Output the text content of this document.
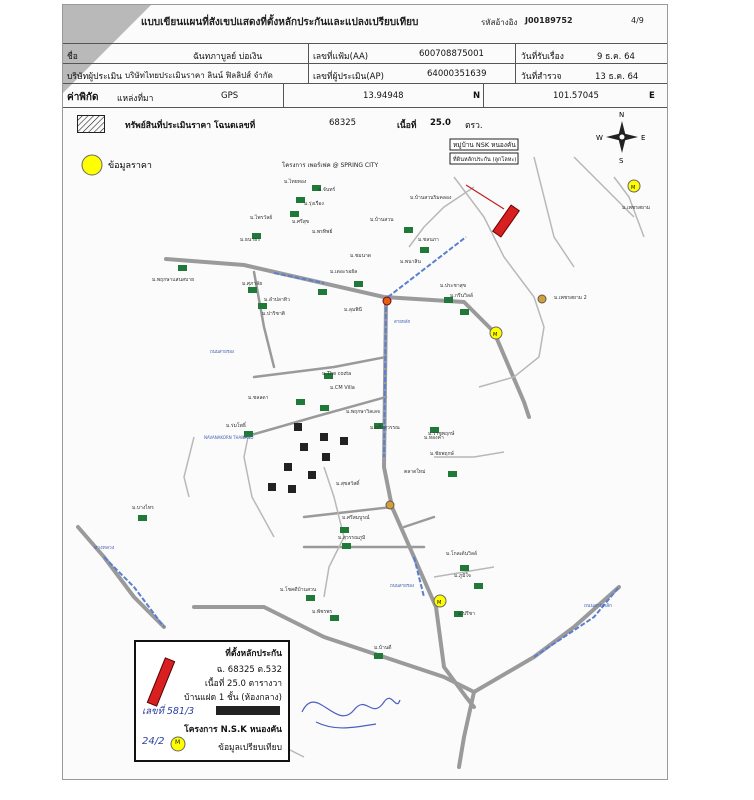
แบบเขียนแผนที่สังเขปแสดงที่ตั้งหลักประกันและแปลงเปรียบเทียบ	รหัสอ้างอิง J00189752	4/9
ชื่อ	ฉันทภาบูลย์ บ่อเงิน	เลขที่แฟ้ม(AA)	600708875001	วันที่รับเรื่อง	9 ธ.ค. 64
บริษัทผู้ประเมิน บริษัทไทยประเมินราคา ลินน์ ฟิลลิปส์ จำกัด	เลขที่ผู้ประเมิน(AP)	64000351639	วันที่สำรวจ	13 ธ.ค. 64
ค่าพิกัด แหล่งที่มา	GPS	13.94948	N	101.57045	E
ทรัพย์สินที่ประเมินราคา โฉนดเลขที่	68325	เนื้อที่ 25.0 ตรว.
หมู่บ้าน NSK หนองคัน
ที่ดินหลักประกัน (ลูกโลหะ)
N
S
E
W
ข้อมูลราคา	โครงการ เพอร์เฟค @ SPRING CITY
M
M
M
ม.ไทยทอง
ม.จันทร์
ม.รุ่งเรือง
ม.ไพรวัลย์
ม.พฤกษาแสนสบาย
ม.บ้านสวน
ม.ศรีสุข
ม.ชลนภา
ม.พนาสิน
ม.เดอะรอยัล
ม.ศุภาลัย
ม.ลำปลาทิว
ม.ปาริชาติ
ม.The cozta
ม.ลุมพินี
ม.CM Villa
ม.พฤกษาวิลเลจ
ม.ชลลดา
ม.แก้วสุวรรณ
ม.ราชพฤกษ์
ม.ร่มโพธิ์
ม.สุขสวัสดิ์
ม.ศรีสมบูรณ์
ม.สุวรรณภูมิ
ม.บางไทร
ม.กรีนวิลล์
ม.โกลเด้นวิลล์
ม.ภูมิใจ
ม.ปรีชา
ม.โชคดีบ้านสวน
ม.พัชรพร
ม.ชัยพฤกษ์
ม.บ้านดี
ม.บ้านสวนริมคลอง
ม.ประชาสุข
ม.ธนาธร
ม.ชมนาด
ม.พรทิพย์
ม.ทองคำ
ม.เพชรสยาม
NAVANAKORN THAILAND
สายหลัก
ถนนสายรอง
ถนนสายรอง
ทางหลวง
ถนนสายหลัก
ม.เพชรสยาม 2
ตลาดใหม่
ที่ตั้งหลักประกัน
ฉ. 68325 ต.532
เนื้อที่ 25.0 ตารางวา
บ้านแฝด 1 ชั้น (ห้องกลาง)
เลขที่ 581/3
โครงการ N.S.K หนองคัน
24/2 M
ข้อมูลเปรียบเทียบ
